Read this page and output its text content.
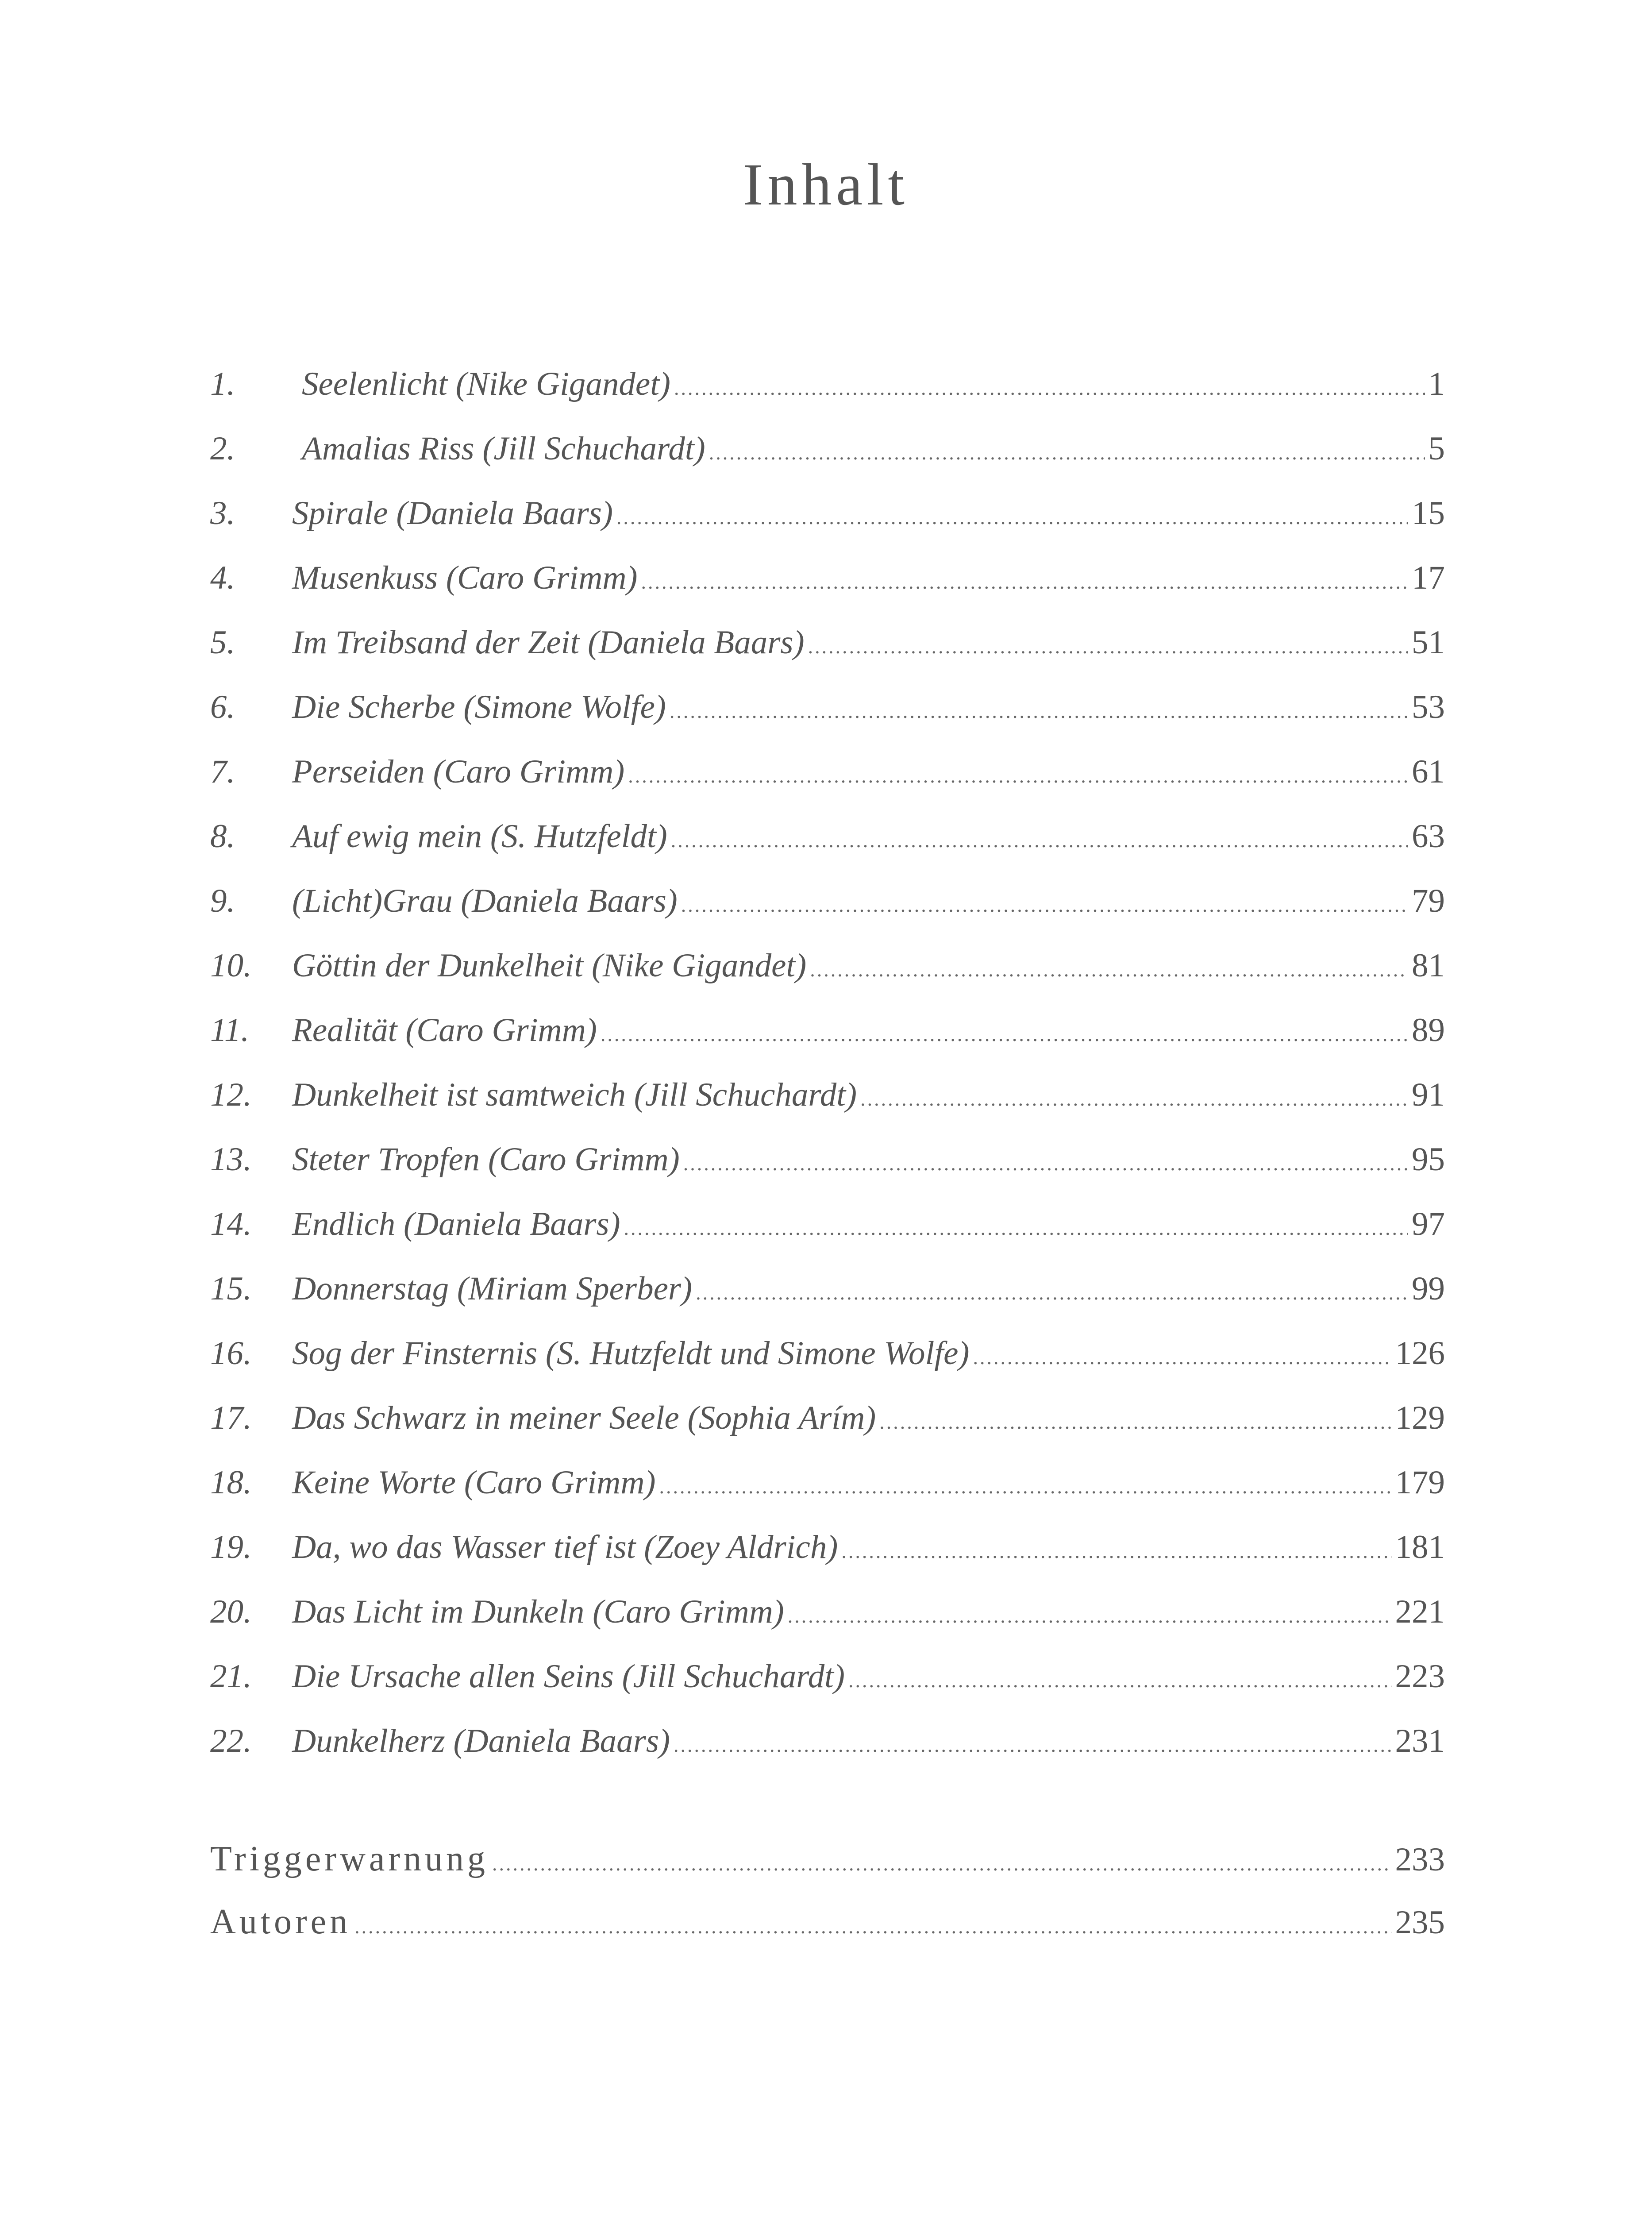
Inhalt
1.	Seelenlicht (Nike Gigandet) .....	1
2.	Amalias Riss (Jill Schuchardt) .....	5
3.	Spirale (Daniela Baars) .....	15
4.	Musenkuss (Caro Grimm) .....	17
5.	Im Treibsand der Zeit (Daniela Baars) .....	51
6.	Die Scherbe (Simone Wolfe) .....	53
7.	Perseiden (Caro Grimm) .....	61
8.	Auf ewig mein (S. Hutzfeldt) .....	63
9.	(Licht)Grau (Daniela Baars) .....	79
10.	Göttin der Dunkelheit (Nike Gigandet) .....	81
11.	Realität (Caro Grimm) .....	89
12.	Dunkelheit ist samtweich (Jill Schuchardt) .....	91
13.	Steter Tropfen (Caro Grimm) .....	95
14.	Endlich (Daniela Baars) .....	97
15.	Donnerstag (Miriam Sperber) .....	99
16.	Sog der Finsternis (S. Hutzfeldt und Simone Wolfe) .....	126
17.	Das Schwarz in meiner Seele (Sophia Arím) .....	129
18.	Keine Worte (Caro Grimm) .....	179
19.	Da, wo das Wasser tief ist (Zoey Aldrich) .....	181
20.	Das Licht im Dunkeln (Caro Grimm) .....	221
21.	Die Ursache allen Seins (Jill Schuchardt) .....	223
22.	Dunkelherz (Daniela Baars) .....	231
Triggerwarnung .....	233
Autoren .....	235
